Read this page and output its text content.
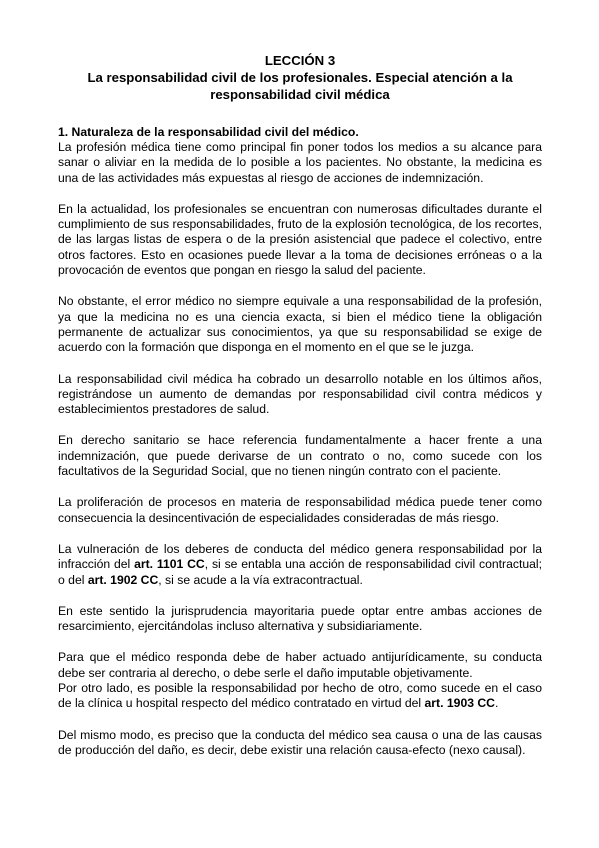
LECCIÓN 3
La responsabilidad civil de los profesionales. Especial atención a la responsabilidad civil médica
1. Naturaleza de la responsabilidad civil del médico.

La profesión médica tiene como principal fin poner todos los medios a su alcance para sanar o aliviar en la medida de lo posible a los pacientes. No obstante, la medicina es una de las actividades más expuestas al riesgo de acciones de indemnización.

En la actualidad, los profesionales se encuentran con numerosas dificultades durante el cumplimiento de sus responsabilidades, fruto de la explosión tecnológica, de los recortes, de las largas listas de espera o de la presión asistencial que padece el colectivo, entre otros factores. Esto en ocasiones puede llevar a la toma de decisiones erróneas o a la provocación de eventos que pongan en riesgo la salud del paciente.

No obstante, el error médico no siempre equivale a una responsabilidad de la profesión, ya que la medicina no es una ciencia exacta, si bien el médico tiene la obligación permanente de actualizar sus conocimientos, ya que su responsabilidad se exige de acuerdo con la formación que disponga en el momento en el que se le juzga.

La responsabilidad civil médica ha cobrado un desarrollo notable en los últimos años, registrándose un aumento de demandas por responsabilidad civil contra médicos y establecimientos prestadores de salud.

En derecho sanitario se hace referencia fundamentalmente a hacer frente a una indemnización, que puede derivarse de un contrato o no, como sucede con los facultativos de la Seguridad Social, que no tienen ningún contrato con el paciente.

La proliferación de procesos en materia de responsabilidad médica puede tener como consecuencia la desincentivación de especialidades consideradas de más riesgo.

La vulneración de los deberes de conducta del médico genera responsabilidad por la infracción del art. 1101 CC, si se entabla una acción de responsabilidad civil contractual; o del art. 1902 CC, si se acude a la vía extracontractual.

En este sentido la jurisprudencia mayoritaria puede optar entre ambas acciones de resarcimiento, ejercitándolas incluso alternativa y subsidiariamente.

Para que el médico responda debe de haber actuado antijurídicamente, su conducta debe ser contraria al derecho, o debe serle el daño imputable objetivamente.

Por otro lado, es posible la responsabilidad por hecho de otro, como sucede en el caso de la clínica u hospital respecto del médico contratado en virtud del art. 1903 CC.

Del mismo modo, es preciso que la conducta del médico sea causa o una de las causas de producción del daño, es decir, debe existir una relación causa-efecto (nexo causal).
